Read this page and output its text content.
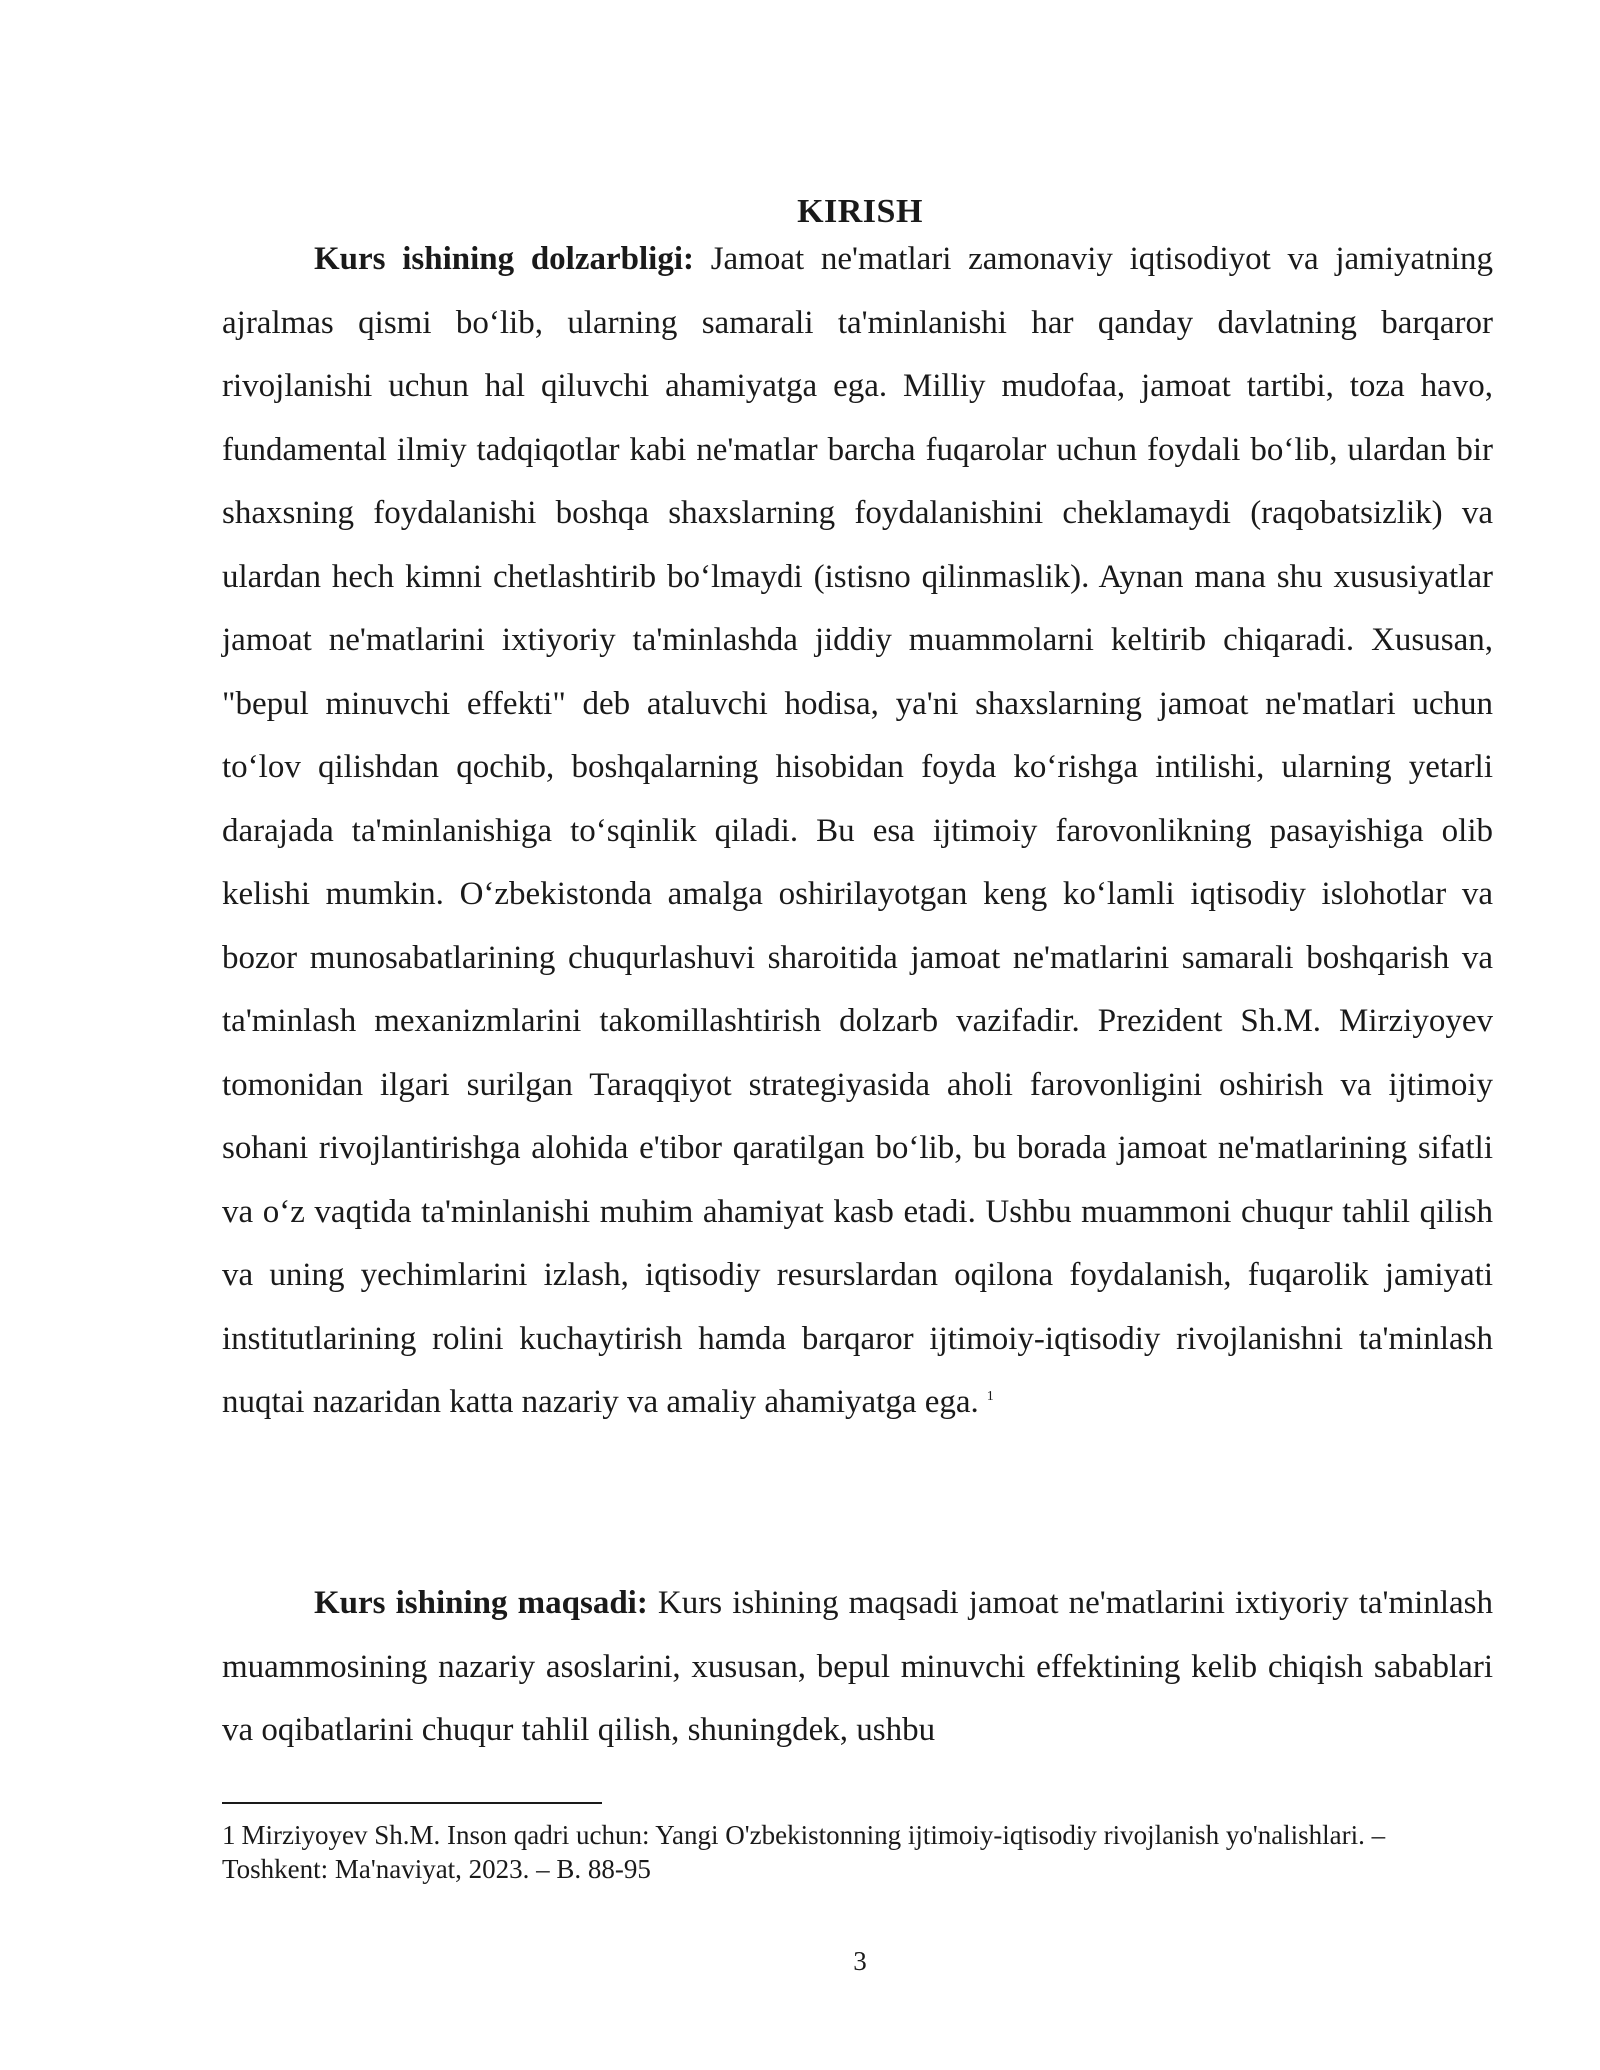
KIRISH

Kurs ishining dolzarbligi: Jamoat ne'matlari zamonaviy iqtisodiyot va jamiyatning ajralmas qismi bo‘lib, ularning samarali ta'minlanishi har qanday davlatning barqaror rivojlanishi uchun hal qiluvchi ahamiyatga ega. Milliy mudofaa, jamoat tartibi, toza havo, fundamental ilmiy tadqiqotlar kabi ne'matlar barcha fuqarolar uchun foydali bo‘lib, ulardan bir shaxsning foydalanishi boshqa shaxslarning foydalanishini cheklamaydi (raqobatsizlik) va ulardan hech kimni chetlashtirib bo‘lmaydi (istisno qilinmaslik). Aynan mana shu xususiyatlar jamoat ne'matlarini ixtiyoriy ta'minlashda jiddiy muammolarni keltirib chiqaradi. Xususan, "bepul minuvchi effekti" deb ataluvchi hodisa, ya'ni shaxslarning jamoat ne'matlari uchun to‘lov qilishdan qochib, boshqalarning hisobidan foyda ko‘rishga intilishi, ularning yetarli darajada ta'minlanishiga to‘sqinlik qiladi. Bu esa ijtimoiy farovonlikning pasayishiga olib kelishi mumkin. O‘zbekistonda amalga oshirilayotgan keng ko‘lamli iqtisodiy islohotlar va bozor munosabatlarining chuqurlashuvi sharoitida jamoat ne'matlarini samarali boshqarish va ta'minlash mexanizmlarini takomillashtirish dolzarb vazifadir. Prezident Sh.M. Mirziyoyev tomonidan ilgari surilgan Taraqqiyot strategiyasida aholi farovonligini oshirish va ijtimoiy sohani rivojlantirishga alohida e'tibor qaratilgan bo‘lib, bu borada jamoat ne'matlarining sifatli va o‘z vaqtida ta'minlanishi muhim ahamiyat kasb etadi. Ushbu muammoni chuqur tahlil qilish va uning yechimlarini izlash, iqtisodiy resurslardan oqilona foydalanish, fuqarolik jamiyati institutlarining rolini kuchaytirish hamda barqaror ijtimoiy-iqtisodiy rivojlanishni ta'minlash nuqtai nazaridan katta nazariy va amaliy ahamiyatga ega. $^1$

Kurs ishining maqsadi: Kurs ishining maqsadi jamoat ne'matlarini ixtiyoriy ta'minlash muammosining nazariy asoslarini, xususan, bepul minuvchi effektining kelib chiqish sabablari va oqibatlarini chuqur tahlil qilish, shuningdek, ushbu

1 Mirziyoyev Sh.M. Inson qadri uchun: Yangi O'zbekistonning ijtimoiy-iqtisodiy rivojlanish yo'nalishlari. – Toshkent: Ma'naviyat, 2023. – B. 88-95

3
